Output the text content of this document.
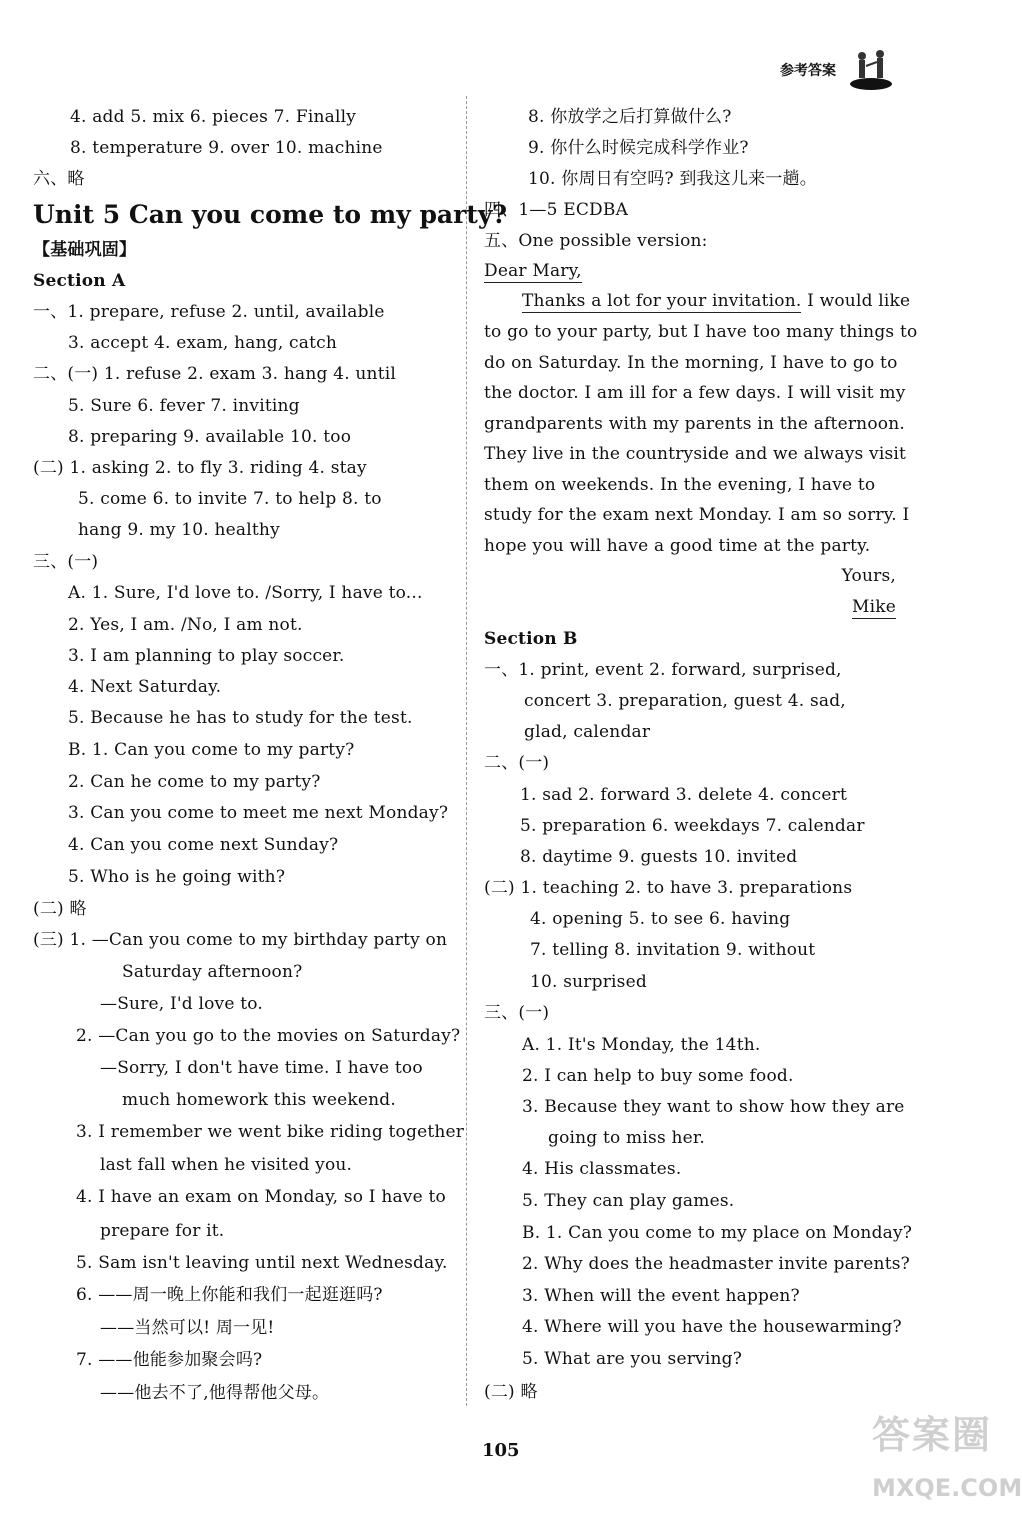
参考答案
4. add 5. mix 6. pieces 7. Finally
8. temperature 9. over 10. machine
六、略
Unit 5 Can you come to my party?
【基础巩固】
Section A
一、1. prepare, refuse 2. until, available
3. accept 4. exam, hang, catch
二、(一) 1. refuse 2. exam 3. hang 4. until
5. Sure 6. fever 7. inviting
8. preparing 9. available 10. too
(二) 1. asking 2. to fly 3. riding 4. stay
5. come 6. to invite 7. to help 8. to
hang 9. my 10. healthy
三、(一)
A. 1. Sure, I'd love to. /Sorry, I have to...
2. Yes, I am. /No, I am not.
3. I am planning to play soccer.
4. Next Saturday.
5. Because he has to study for the test.
B. 1. Can you come to my party?
2. Can he come to my party?
3. Can you come to meet me next Monday?
4. Can you come next Sunday?
5. Who is he going with?
(二) 略
(三) 1. —Can you come to my birthday party on
Saturday afternoon?
—Sure, I'd love to.
2. —Can you go to the movies on Saturday?
—Sorry, I don't have time. I have too
much homework this weekend.
3. I remember we went bike riding together
last fall when he visited you.
4. I have an exam on Monday, so I have to
prepare for it.
5. Sam isn't leaving until next Wednesday.
6. ——周一晚上你能和我们一起逛逛吗?
——当然可以! 周一见!
7. ——他能参加聚会吗?
——他去不了,他得帮他父母。
8. 你放学之后打算做什么?
9. 你什么时候完成科学作业?
10. 你周日有空吗? 到我这儿来一趟。
四、1—5 ECDBA
五、One possible version:
Dear Mary,
Thanks a lot for your invitation. I would like
to go to your party, but I have too many things to
do on Saturday. In the morning, I have to go to
the doctor. I am ill for a few days. I will visit my
grandparents with my parents in the afternoon.
They live in the countryside and we always visit
them on weekends. In the evening, I have to
study for the exam next Monday. I am so sorry. I
hope you will have a good time at the party.
Yours,
Mike
Section B
一、1. print, event 2. forward, surprised,
concert 3. preparation, guest 4. sad,
glad, calendar
二、(一)
1. sad 2. forward 3. delete 4. concert
5. preparation 6. weekdays 7. calendar
8. daytime 9. guests 10. invited
(二) 1. teaching 2. to have 3. preparations
4. opening 5. to see 6. having
7. telling 8. invitation 9. without
10. surprised
三、(一)
A. 1. It's Monday, the 14th.
2. I can help to buy some food.
3. Because they want to show how they are
going to miss her.
4. His classmates.
5. They can play games.
B. 1. Can you come to my place on Monday?
2. Why does the headmaster invite parents?
3. When will the event happen?
4. Where will you have the housewarming?
5. What are you serving?
(二) 略
105	答案圈
MXQE.COM
